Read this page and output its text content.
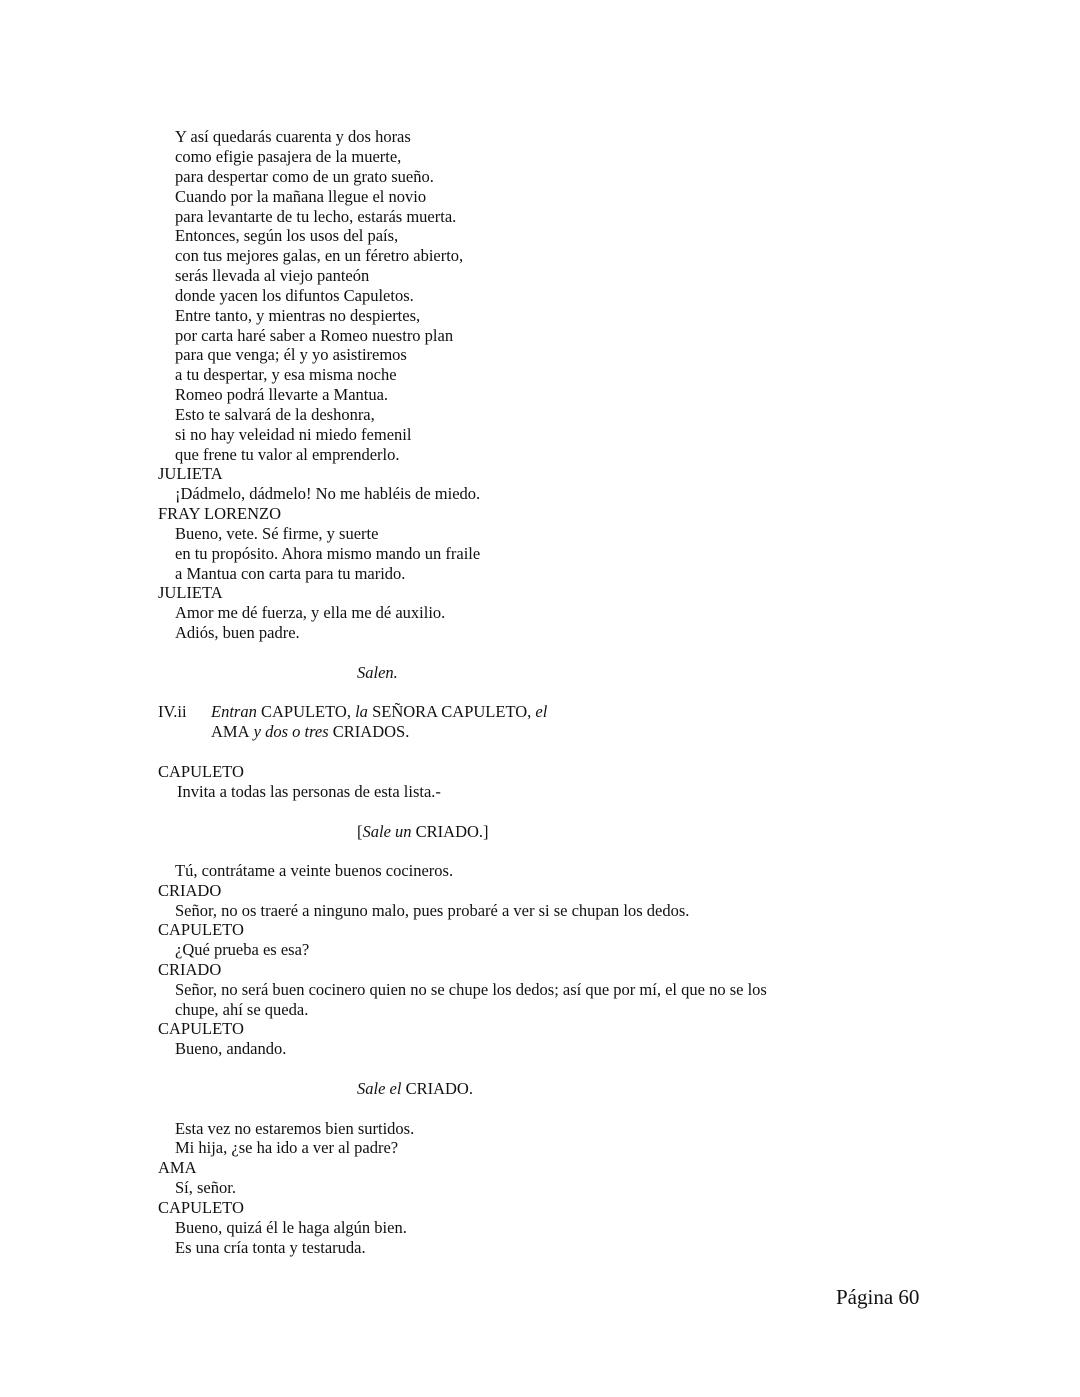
Y así quedarás cuarenta y dos horas

como efigie pasajera de la muerte,

para despertar como de un grato sueño.

Cuando por la mañana llegue el novio

para levantarte de tu lecho, estarás muerta.

Entonces, según los usos del país,

con tus mejores galas, en un féretro abierto,

serás llevada al viejo panteón

donde yacen los difuntos Capuletos.

Entre tanto, y mientras no despiertes,

por carta haré saber a Romeo nuestro plan

para que venga; él y yo asistiremos

a tu despertar, y esa misma noche

Romeo podrá llevarte a Mantua.

Esto te salvará de la deshonra,

si no hay veleidad ni miedo femenil

que frene tu valor al emprenderlo.

JULIETA

¡Dádmelo, dádmelo! No me habléis de miedo.

FRAY LORENZO

Bueno, vete. Sé firme, y suerte

en tu propósito. Ahora mismo mando un fraile

a Mantua con carta para tu marido.

JULIETA

Amor me dé fuerza, y ella me dé auxilio.

Adiós, buen padre.

Salen.

IV.ii Entran CAPULETO, la SEÑORA CAPULETO, el

AMA y dos o tres CRIADOS.

CAPULETO

Invita a todas las personas de esta lista.-

[Sale un CRIADO.]

Tú, contrátame a veinte buenos cocineros.

CRIADO

Señor, no os traeré a ninguno malo, pues probaré a ver si se chupan los dedos.

CAPULETO

¿Qué prueba es esa?

CRIADO

Señor, no será buen cocinero quien no se chupe los dedos; así que por mí, el que no se los

chupe, ahí se queda.

CAPULETO

Bueno, andando.

Sale el CRIADO.

Esta vez no estaremos bien surtidos.

Mi hija, ¿se ha ido a ver al padre?

AMA

Sí, señor.

CAPULETO

Bueno, quizá él le haga algún bien.

Es una cría tonta y testaruda.

Página 60
